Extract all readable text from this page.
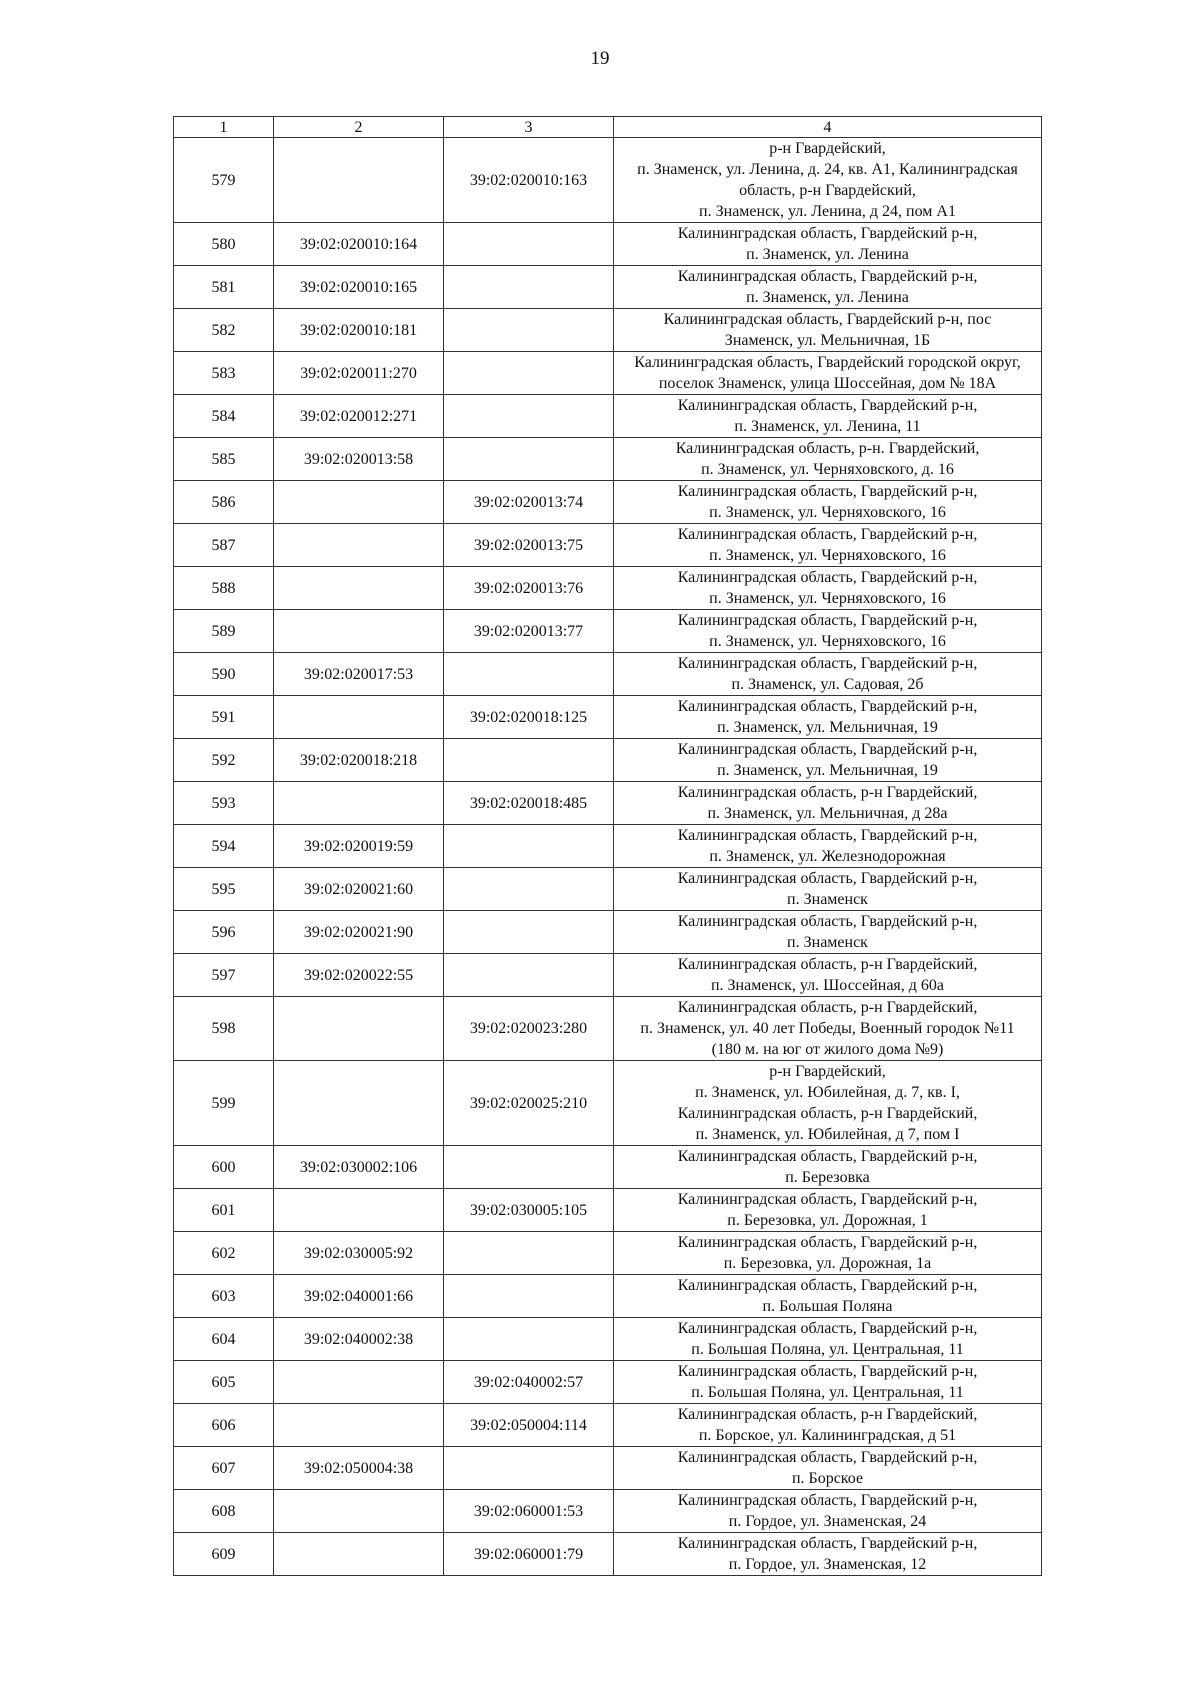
19
1	2	3	4
579		39:02:020010:163	р-н Гвардейский,
п. Знаменск, ул. Ленина, д. 24, кв. А1, Калининградская
область, р-н Гвардейский,
п. Знаменск, ул. Ленина, д 24, пом А1

580	39:02:020010:164		Калининградская область, Гвардейский р-н,
п. Знаменск, ул. Ленина

581	39:02:020010:165		Калининградская область, Гвардейский р-н,
п. Знаменск, ул. Ленина

582	39:02:020010:181		Калининградская область, Гвардейский р-н, пос
Знаменск, ул. Мельничная, 1Б

583	39:02:020011:270		Калининградская область, Гвардейский городской округ,
поселок Знаменск, улица Шоссейная, дом № 18А

584	39:02:020012:271		Калининградская область, Гвардейский р-н,
п. Знаменск, ул. Ленина, 11

585	39:02:020013:58		Калининградская область, р-н. Гвардейский,
п. Знаменск, ул. Черняховского, д. 16

586		39:02:020013:74	Калининградская область, Гвардейский р-н,
п. Знаменск, ул. Черняховского, 16

587		39:02:020013:75	Калининградская область, Гвардейский р-н,
п. Знаменск, ул. Черняховского, 16

588		39:02:020013:76	Калининградская область, Гвардейский р-н,
п. Знаменск, ул. Черняховского, 16

589		39:02:020013:77	Калининградская область, Гвардейский р-н,
п. Знаменск, ул. Черняховского, 16

590	39:02:020017:53		Калининградская область, Гвардейский р-н,
п. Знаменск, ул. Садовая, 2б

591		39:02:020018:125	Калининградская область, Гвардейский р-н,
п. Знаменск, ул. Мельничная, 19

592	39:02:020018:218		Калининградская область, Гвардейский р-н,
п. Знаменск, ул. Мельничная, 19

593		39:02:020018:485	Калининградская область, р-н Гвардейский,
п. Знаменск, ул. Мельничная, д 28а

594	39:02:020019:59		Калининградская область, Гвардейский р-н,
п. Знаменск, ул. Железнодорожная

595	39:02:020021:60		Калининградская область, Гвардейский р-н,
п. Знаменск

596	39:02:020021:90		Калининградская область, Гвардейский р-н,
п. Знаменск

597	39:02:020022:55		Калининградская область, р-н Гвардейский,
п. Знаменск, ул. Шоссейная, д 60а

598		39:02:020023:280	Калининградская область, р-н Гвардейский,
п. Знаменск, ул. 40 лет Победы, Военный городок №11
(180 м. на юг от жилого дома №9)

599		39:02:020025:210	р-н Гвардейский,
п. Знаменск, ул. Юбилейная, д. 7, кв. I,
Калининградская область, р-н Гвардейский,
п. Знаменск, ул. Юбилейная, д 7, пом I

600	39:02:030002:106		Калининградская область, Гвардейский р-н,
п. Березовка

601		39:02:030005:105	Калининградская область, Гвардейский р-н,
п. Березовка, ул. Дорожная, 1

602	39:02:030005:92		Калининградская область, Гвардейский р-н,
п. Березовка, ул. Дорожная, 1а

603	39:02:040001:66		Калининградская область, Гвардейский р-н,
п. Большая Поляна

604	39:02:040002:38		Калининградская область, Гвардейский р-н,
п. Большая Поляна, ул. Центральная, 11

605		39:02:040002:57	Калининградская область, Гвардейский р-н,
п. Большая Поляна, ул. Центральная, 11

606		39:02:050004:114	Калининградская область, р-н Гвардейский,
п. Борское, ул. Калининградская, д 51

607	39:02:050004:38		Калининградская область, Гвардейский р-н,
п. Борское

608		39:02:060001:53	Калининградская область, Гвардейский р-н,
п. Гордое, ул. Знаменская, 24

609		39:02:060001:79	Калининградская область, Гвардейский р-н,
п. Гордое, ул. Знаменская, 12
